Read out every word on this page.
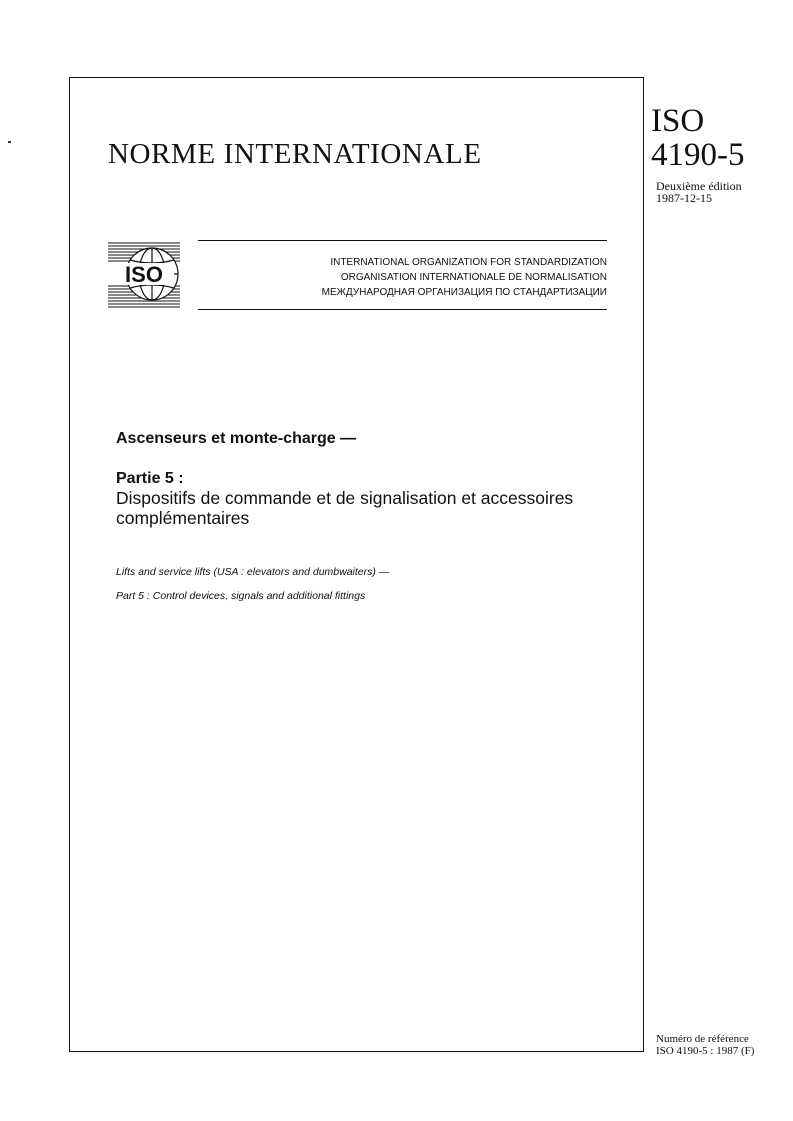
NORME INTERNATIONALE
ISO
4190-5
Deuxième édition
1987-12-15
ISO	INTERNATIONAL ORGANIZATION FOR STANDARDIZATION
ORGANISATION INTERNATIONALE DE NORMALISATION
МЕЖДУНАРОДНАЯ ОРГАНИЗАЦИЯ ПО СТАНДАРТИЗАЦИИ
Ascenseurs et monte-charge —
Partie 5 :

Dispositifs de commande et de signalisation et accessoires complémentaires

Lifts and service lifts (USA : elevators and dumbwaiters) —

Part 5 : Control devices, signals and additional fittings

Numéro de référence
ISO 4190-5 : 1987 (F)
